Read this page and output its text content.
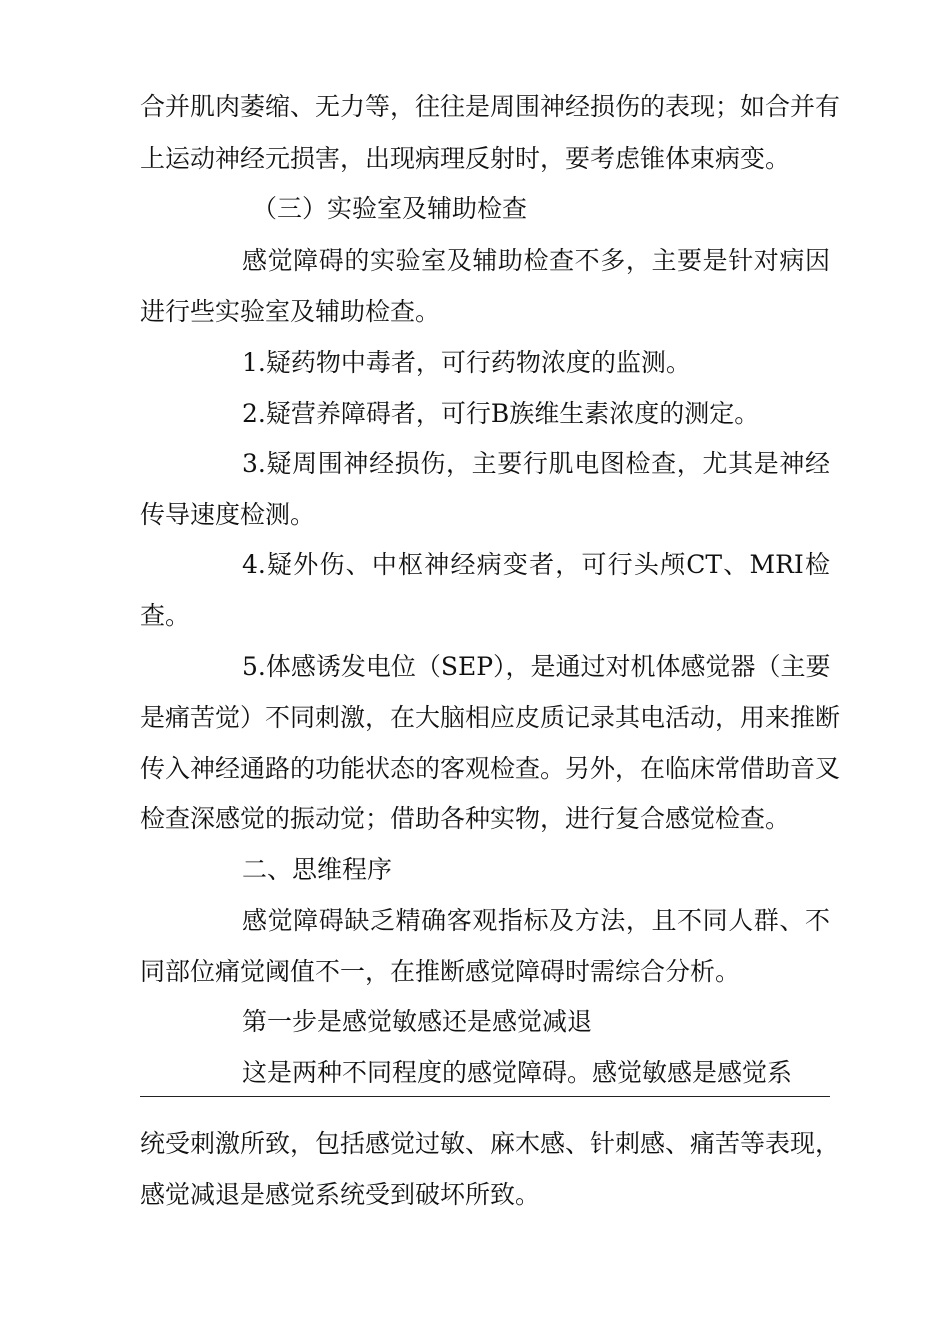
合并肌肉萎缩、无力等，往往是周围神经损伤的表现；如合并有
上运动神经元损害，出现病理反射时，要考虑锥体束病变。
（三）实验室及辅助检查
感觉障碍的实验室及辅助检查不多，主要是针对病因
进行些实验室及辅助检查。
1.疑药物中毒者，可行药物浓度的监测。
2.疑营养障碍者，可行B族维生素浓度的测定。
3.疑周围神经损伤，主要行肌电图检查，尤其是神经
传导速度检测。
4.疑外伤、中枢神经病变者，可行头颅CT、MRI检
查。
5.体感诱发电位（SEP），是通过对机体感觉器（主要
是痛苦觉）不同刺激，在大脑相应皮质记录其电活动，用来推断
传入神经通路的功能状态的客观检查。另外，在临床常借助音叉
检查深感觉的振动觉；借助各种实物，进行复合感觉检查。
二、思维程序
感觉障碍缺乏精确客观指标及方法，且不同人群、不
同部位痛觉阈值不一，在推断感觉障碍时需综合分析。
第一步是感觉敏感还是感觉减退
这是两种不同程度的感觉障碍。感觉敏感是感觉系
统受刺激所致，包括感觉过敏、麻木感、针刺感、痛苦等表现，
感觉减退是感觉系统受到破坏所致。
